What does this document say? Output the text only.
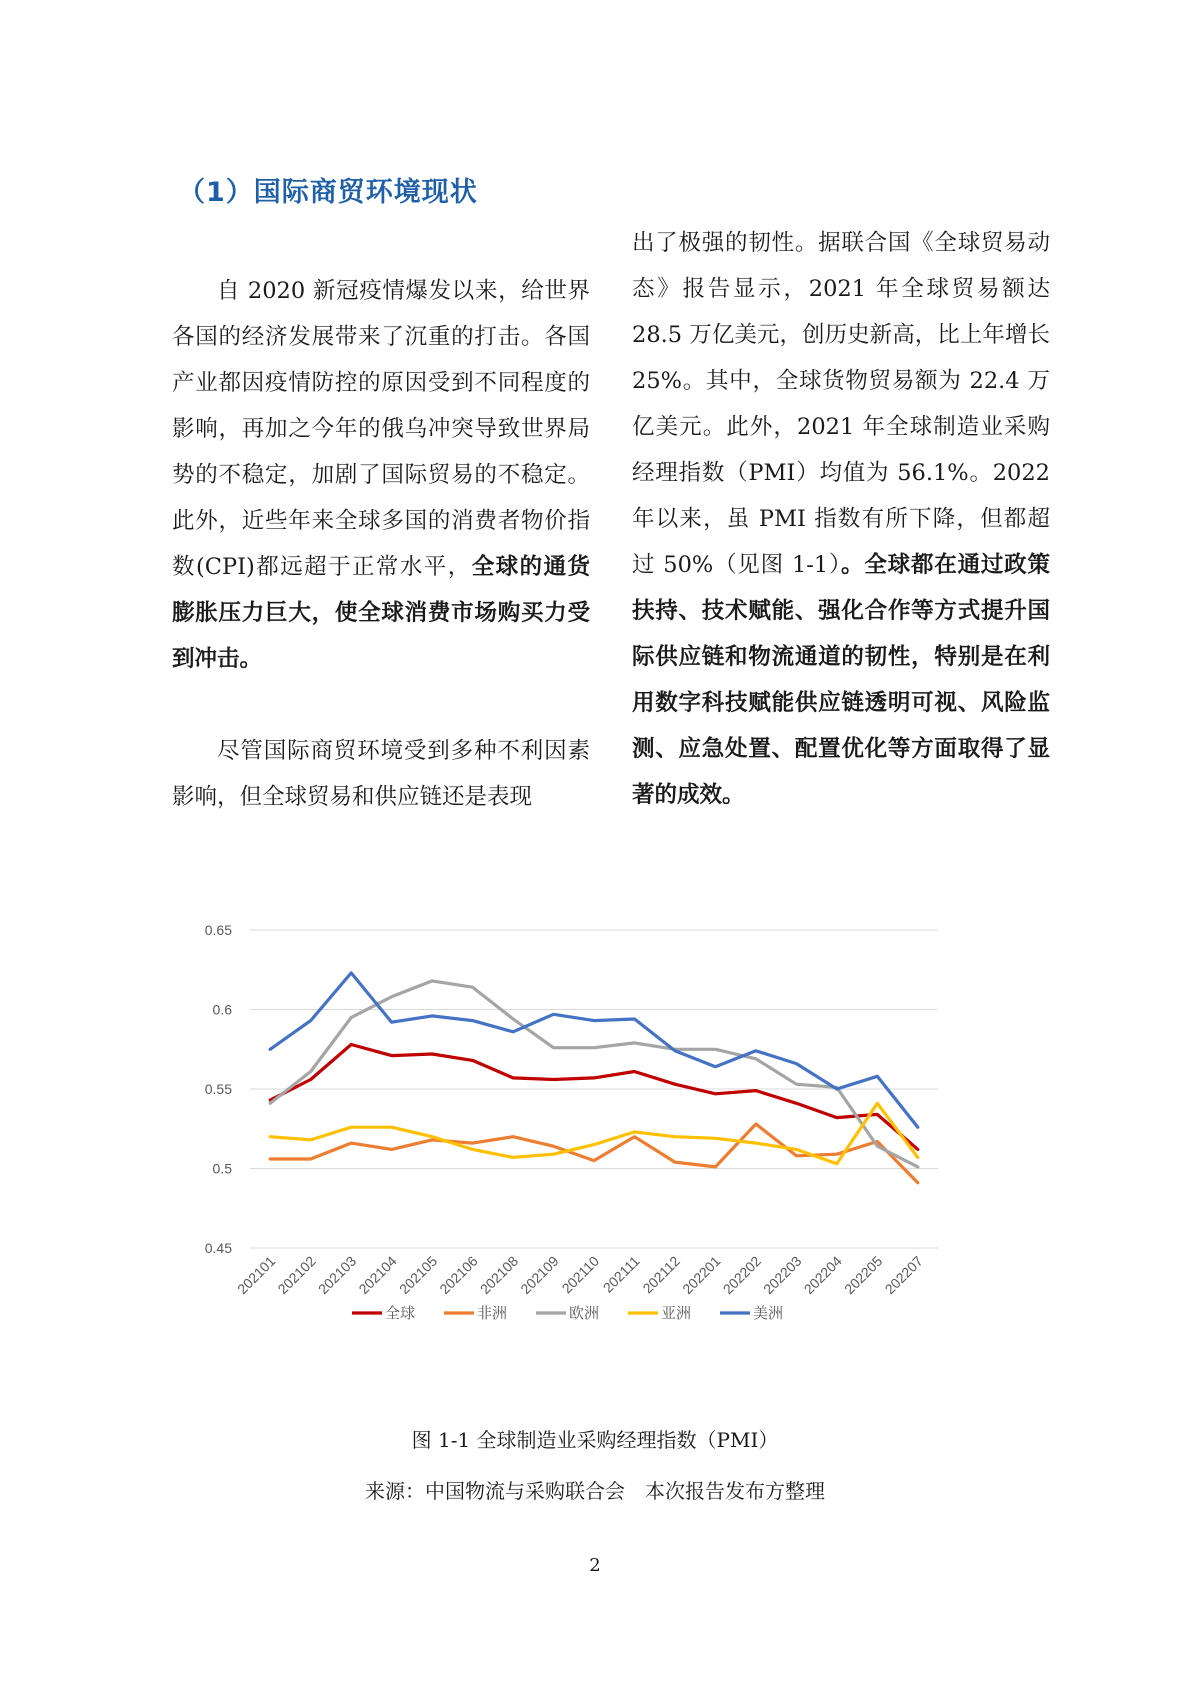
（1）国际商贸环境现状

自 2020 新冠疫情爆发以来，给世界各国的经济发展带来了沉重的打击。各国产业都因疫情防控的原因受到不同程度的影响，再加之今年的俄乌冲突导致世界局势的不稳定，加剧了国际贸易的不稳定。此外，近些年来全球多国的消费者物价指数(CPI)都远超于正常水平，全球的通货膨胀压力巨大，使全球消费市场购买力受到冲击。

尽管国际商贸环境受到多种不利因素影响，但全球贸易和供应链还是表现

出了极强的韧性。据联合国《全球贸易动态》报告显示，2021 年全球贸易额达 28.5 万亿美元，创历史新高，比上年增长 25%。其中，全球货物贸易额为 22.4 万亿美元。此外，2021 年全球制造业采购经理指数（PMI）均值为 56.1%。2022 年以来，虽 PMI 指数有所下降，但都超过 50%（见图 1-1）。全球都在通过政策扶持、技术赋能、强化合作等方式提升国际供应链和物流通道的韧性，特别是在利用数字科技赋能供应链透明可视、风险监测、应急处置、配置优化等方面取得了显著的成效。

0.65
0.6
0.55
0.5
0.45
202101
202102
202103
202104
202105
202106
202108
202109
202110
202111
202112
202201
202202
202203
202204
202205
202207
全球	非洲	欧洲	亚洲	美洲
图 1-1 全球制造业采购经理指数（PMI）
来源：中国物流与采购联合会　本次报告发布方整理
2
